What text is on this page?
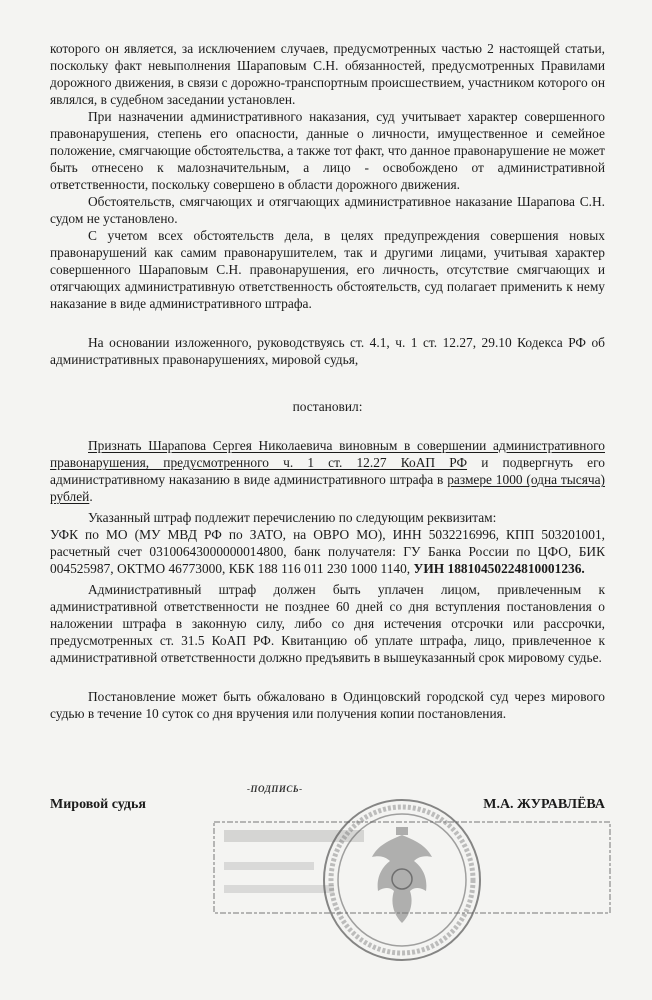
которого он является, за исключением случаев, предусмотренных частью 2 настоящей статьи, поскольку факт невыполнения Шараповым С.Н. обязанностей, предусмотренных Правилами дорожного движения, в связи с дорожно-транспортным происшествием, участником которого он являлся, в судебном заседании установлен.

При назначении административного наказания, суд учитывает характер совершенного правонарушения, степень его опасности, данные о личности, имущественное и семейное положение, смягчающие обстоятельства, а также тот факт, что данное правонарушение не может быть отнесено к малозначительным, а лицо - освобождено от административной ответственности, поскольку совершено в области дорожного движения.

Обстоятельств, смягчающих и отягчающих административное наказание Шарапова С.Н. судом не установлено.

С учетом всех обстоятельств дела, в целях предупреждения совершения новых правонарушений как самим правонарушителем, так и другими лицами, учитывая характер совершенного Шараповым С.Н. правонарушения, его личность, отсутствие смягчающих и отягчающих административную ответственность обстоятельств, суд полагает применить к нему наказание в виде административного штрафа.

На основании изложенного, руководствуясь ст. 4.1, ч. 1 ст. 12.27, 29.10 Кодекса РФ об административных правонарушениях, мировой судья,

постановил:

Признать Шарапова Сергея Николаевича виновным в совершении административного правонарушения, предусмотренного ч. 1 ст. 12.27 КоАП РФ и подвергнуть его административному наказанию в виде административного штрафа в размере 1000 (одна тысяча) рублей.

Указанный штраф подлежит перечислению по следующим реквизитам:

УФК по МО (МУ МВД РФ по ЗАТО, на ОВРО МО), ИНН 5032216996, КПП 503201001, расчетный счет 03100643000000014800, банк получателя: ГУ Банка России по ЦФО, БИК 004525987, ОКТМО 46773000, КБК 188 116 011 230 1000 1140, УИН 18810450224810001236.

Административный штраф должен быть уплачен лицом, привлеченным к административной ответственности не позднее 60 дней со дня вступления постановления о наложении штрафа в законную силу, либо со дня истечения отсрочки или рассрочки, предусмотренных ст. 31.5 КоАП РФ. Квитанцию об уплате штрафа, лицо, привлеченное к административной ответственности должно предъявить в вышеуказанный срок мировому судье.

Постановление может быть обжаловано в Одинцовский городской суд через мирового судью в течение 10 суток со дня вручения или получения копии постановления.

-ПОДПИСЬ-
Мировой судья	М.А. ЖУРАВЛЁВА
